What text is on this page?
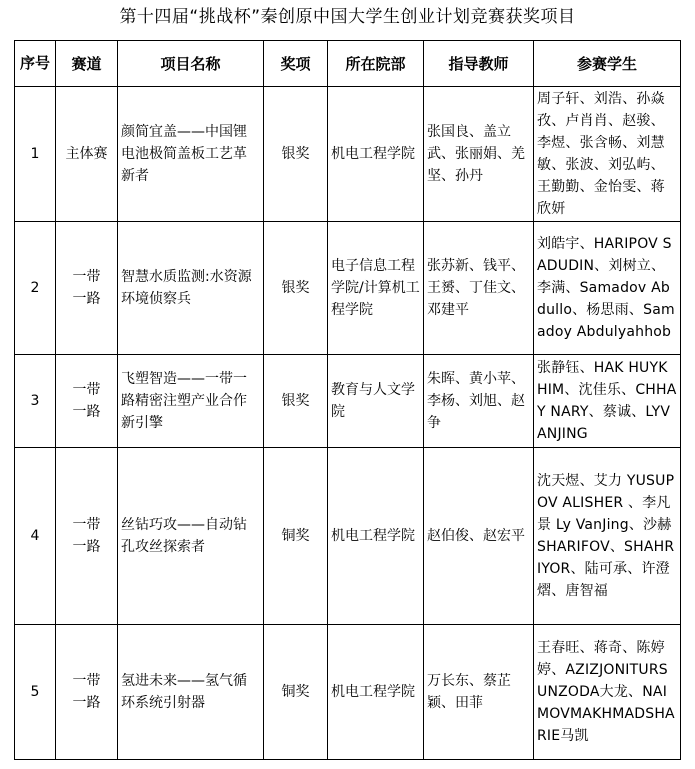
第十四届“挑战杯”秦创原中国大学生创业计划竞赛获奖项目
序号	赛道	项目名称	奖项	所在院部	指导教师	参赛学生
1	主体赛	颜简宜盖——中国锂电池极简盖板工艺革新者	银奖	机电工程学院	张国良、盖立武、张丽娟、羌坚、孙丹	周子轩、刘浩、孙焱孜、卢肖肖、赵骏、李煜、张含畅、刘慧敏、张波、刘弘屿、王勤勤、金怡雯、蒋欣妍

2	一带一路	智慧水质监测:水资源环境侦察兵	银奖	电子信息工程学院/计算机工程学院	张苏新、钱平、王赟、丁佳文、邓建平	刘皓宇、HARIPOV SADUDIN、刘树立、李满、Samadov Abdullo、杨思雨、Samadoy Abdulyahhob

3	一带一路	飞塑智造——一带一路精密注塑产业合作新引擎	银奖	教育与人文学院	朱晖、黄小苹、李杨、刘旭、赵争	张静钰、HAK HUYKHIM、沈佳乐、CHHAY NARY、蔡诚、LYVANJING

4	一带一路	丝钻巧攻——自动钻孔攻丝探索者	铜奖	机电工程学院	赵伯俊、赵宏平	沈天煜、艾力 YUSUPOV ALISHER 、李凡景 Ly VanJing、沙赫 SHARIFOV、SHAHRIYOR、陆可承、许澄熠、唐智福

5	一带一路	氢进未来——氢气循环系统引射器	铜奖	机电工程学院	万长东、蔡芷颖、田菲	王春旺、蒋奇、陈婷婷、AZIZJONITURSUNZODA大龙、NAIMOVMAKHMADSHARIE马凯
